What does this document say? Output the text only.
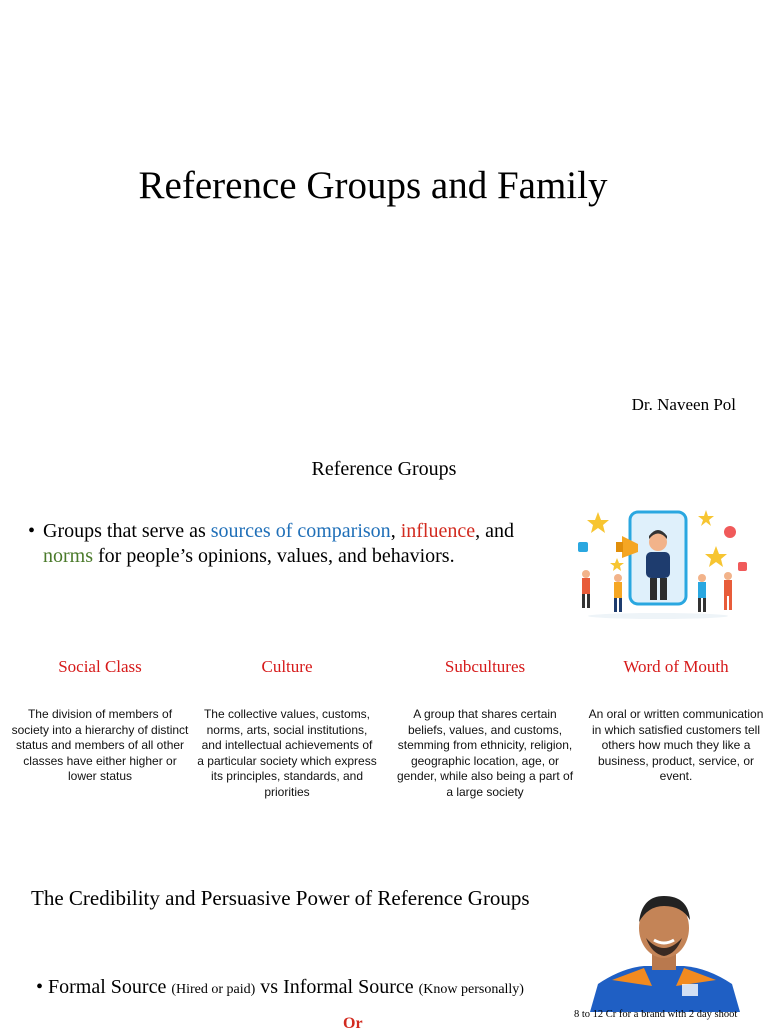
Reference Groups and Family
Dr. Naveen Pol
Reference Groups
• Groups that serve as sources of comparison, influence, and norms for people’s opinions, values, and behaviors.
Social Class
The division of members of society into a hierarchy of distinct status and members of all other classes have either higher or lower status
Culture
The collective values, customs, norms, arts, social institutions, and intellectual achievements of a particular society which express its principles, standards, and priorities
Subcultures
A group that shares certain beliefs, values, and customs, stemming from ethnicity, religion, geographic location, age, or gender, while also being a part of a large society
Word of Mouth
An oral or written communication in which satisfied customers tell others how much they like a business, product, service, or event.
The Credibility and Persuasive Power of Reference Groups
• Formal Source (Hired or paid) vs Informal Source (Know personally)
8 to 12 Cr for a brand with 2 day shoot
Or
